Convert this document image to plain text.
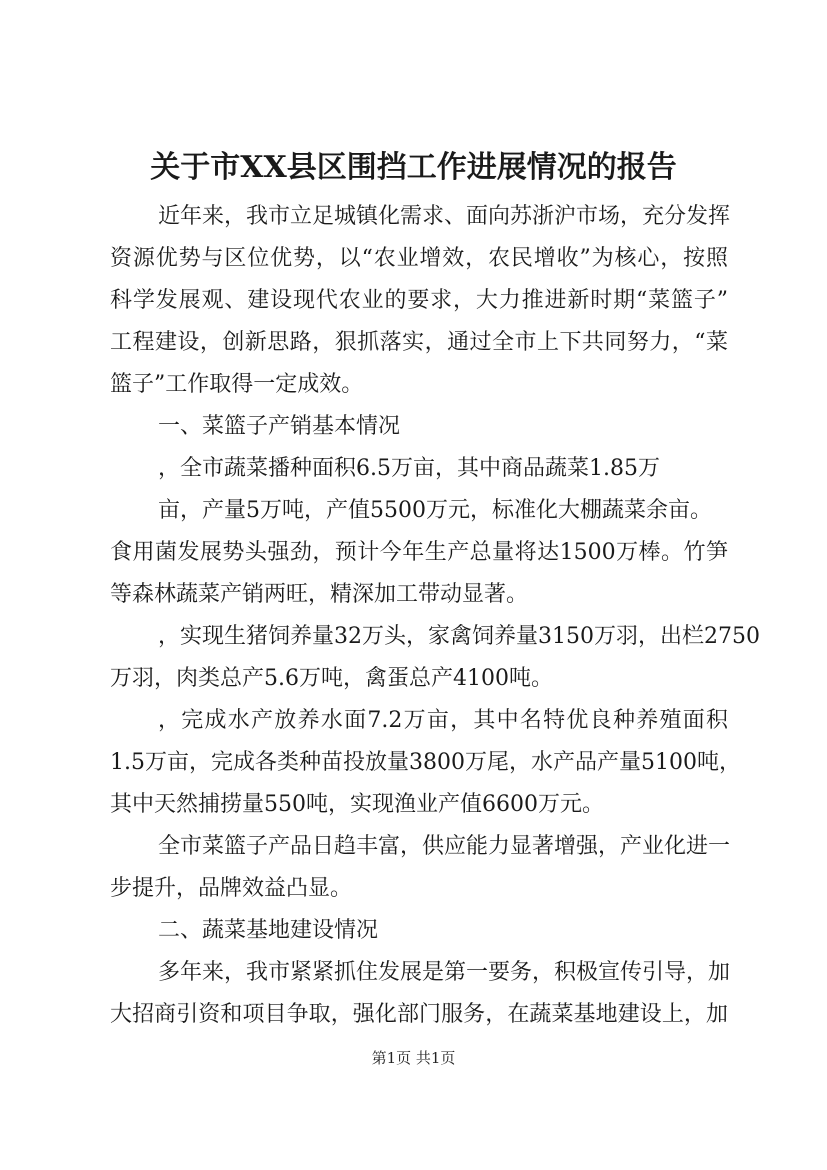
关于市XX县区围挡工作进展情况的报告
近年来，我市立足城镇化需求、面向苏浙沪市场，充分发挥
资源优势与区位优势，以“农业增效，农民增收”为核心，按照
科学发展观、建设现代农业的要求，大力推进新时期“菜篮子”
工程建设，创新思路，狠抓落实，通过全市上下共同努力，“菜
篮子”工作取得一定成效。
一、菜篮子产销基本情况
，全市蔬菜播种面积6.5万亩，其中商品蔬菜1.85万
亩，产量5万吨，产值5500万元，标准化大棚蔬菜余亩。
食用菌发展势头强劲，预计今年生产总量将达1500万棒。竹笋
等森林蔬菜产销两旺，精深加工带动显著。
，实现生猪饲养量32万头，家禽饲养量3150万羽，出栏2750
万羽，肉类总产5.6万吨，禽蛋总产4100吨。
，完成水产放养水面7.2万亩，其中名特优良种养殖面积
1.5万亩，完成各类种苗投放量3800万尾，水产品产量5100吨，
其中天然捕捞量550吨，实现渔业产值6600万元。
全市菜篮子产品日趋丰富，供应能力显著增强，产业化进一
步提升，品牌效益凸显。
二、蔬菜基地建设情况
多年来，我市紧紧抓住发展是第一要务，积极宣传引导，加
大招商引资和项目争取，强化部门服务，在蔬菜基地建设上，加
第1页 共1页
